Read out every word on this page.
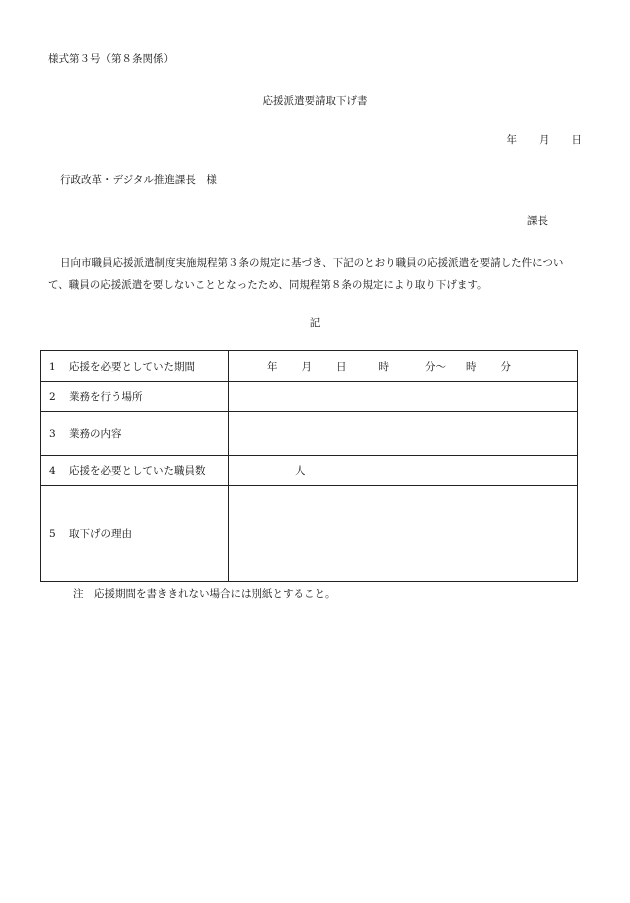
様式第３号（第８条関係）
応援派遣要請取下げ書
年 月 日
行政改革・デジタル推進課長　様
課長
日向市職員応援派遣制度実施規程第３条の規定に基づき、下記のとおり職員の応援派遣を要請した件について、職員の応援派遣を要しないこととなったため、同規程第８条の規定により取り下げます。
記
1 応援を必要としていた期間	年 月 日 時 分～ 時 分
2 業務を行う場所	
3 業務の内容	
4 応援を必要としていた職員数	人
5 取下げの理由	
注　応援期間を書ききれない場合には別紙とすること。
